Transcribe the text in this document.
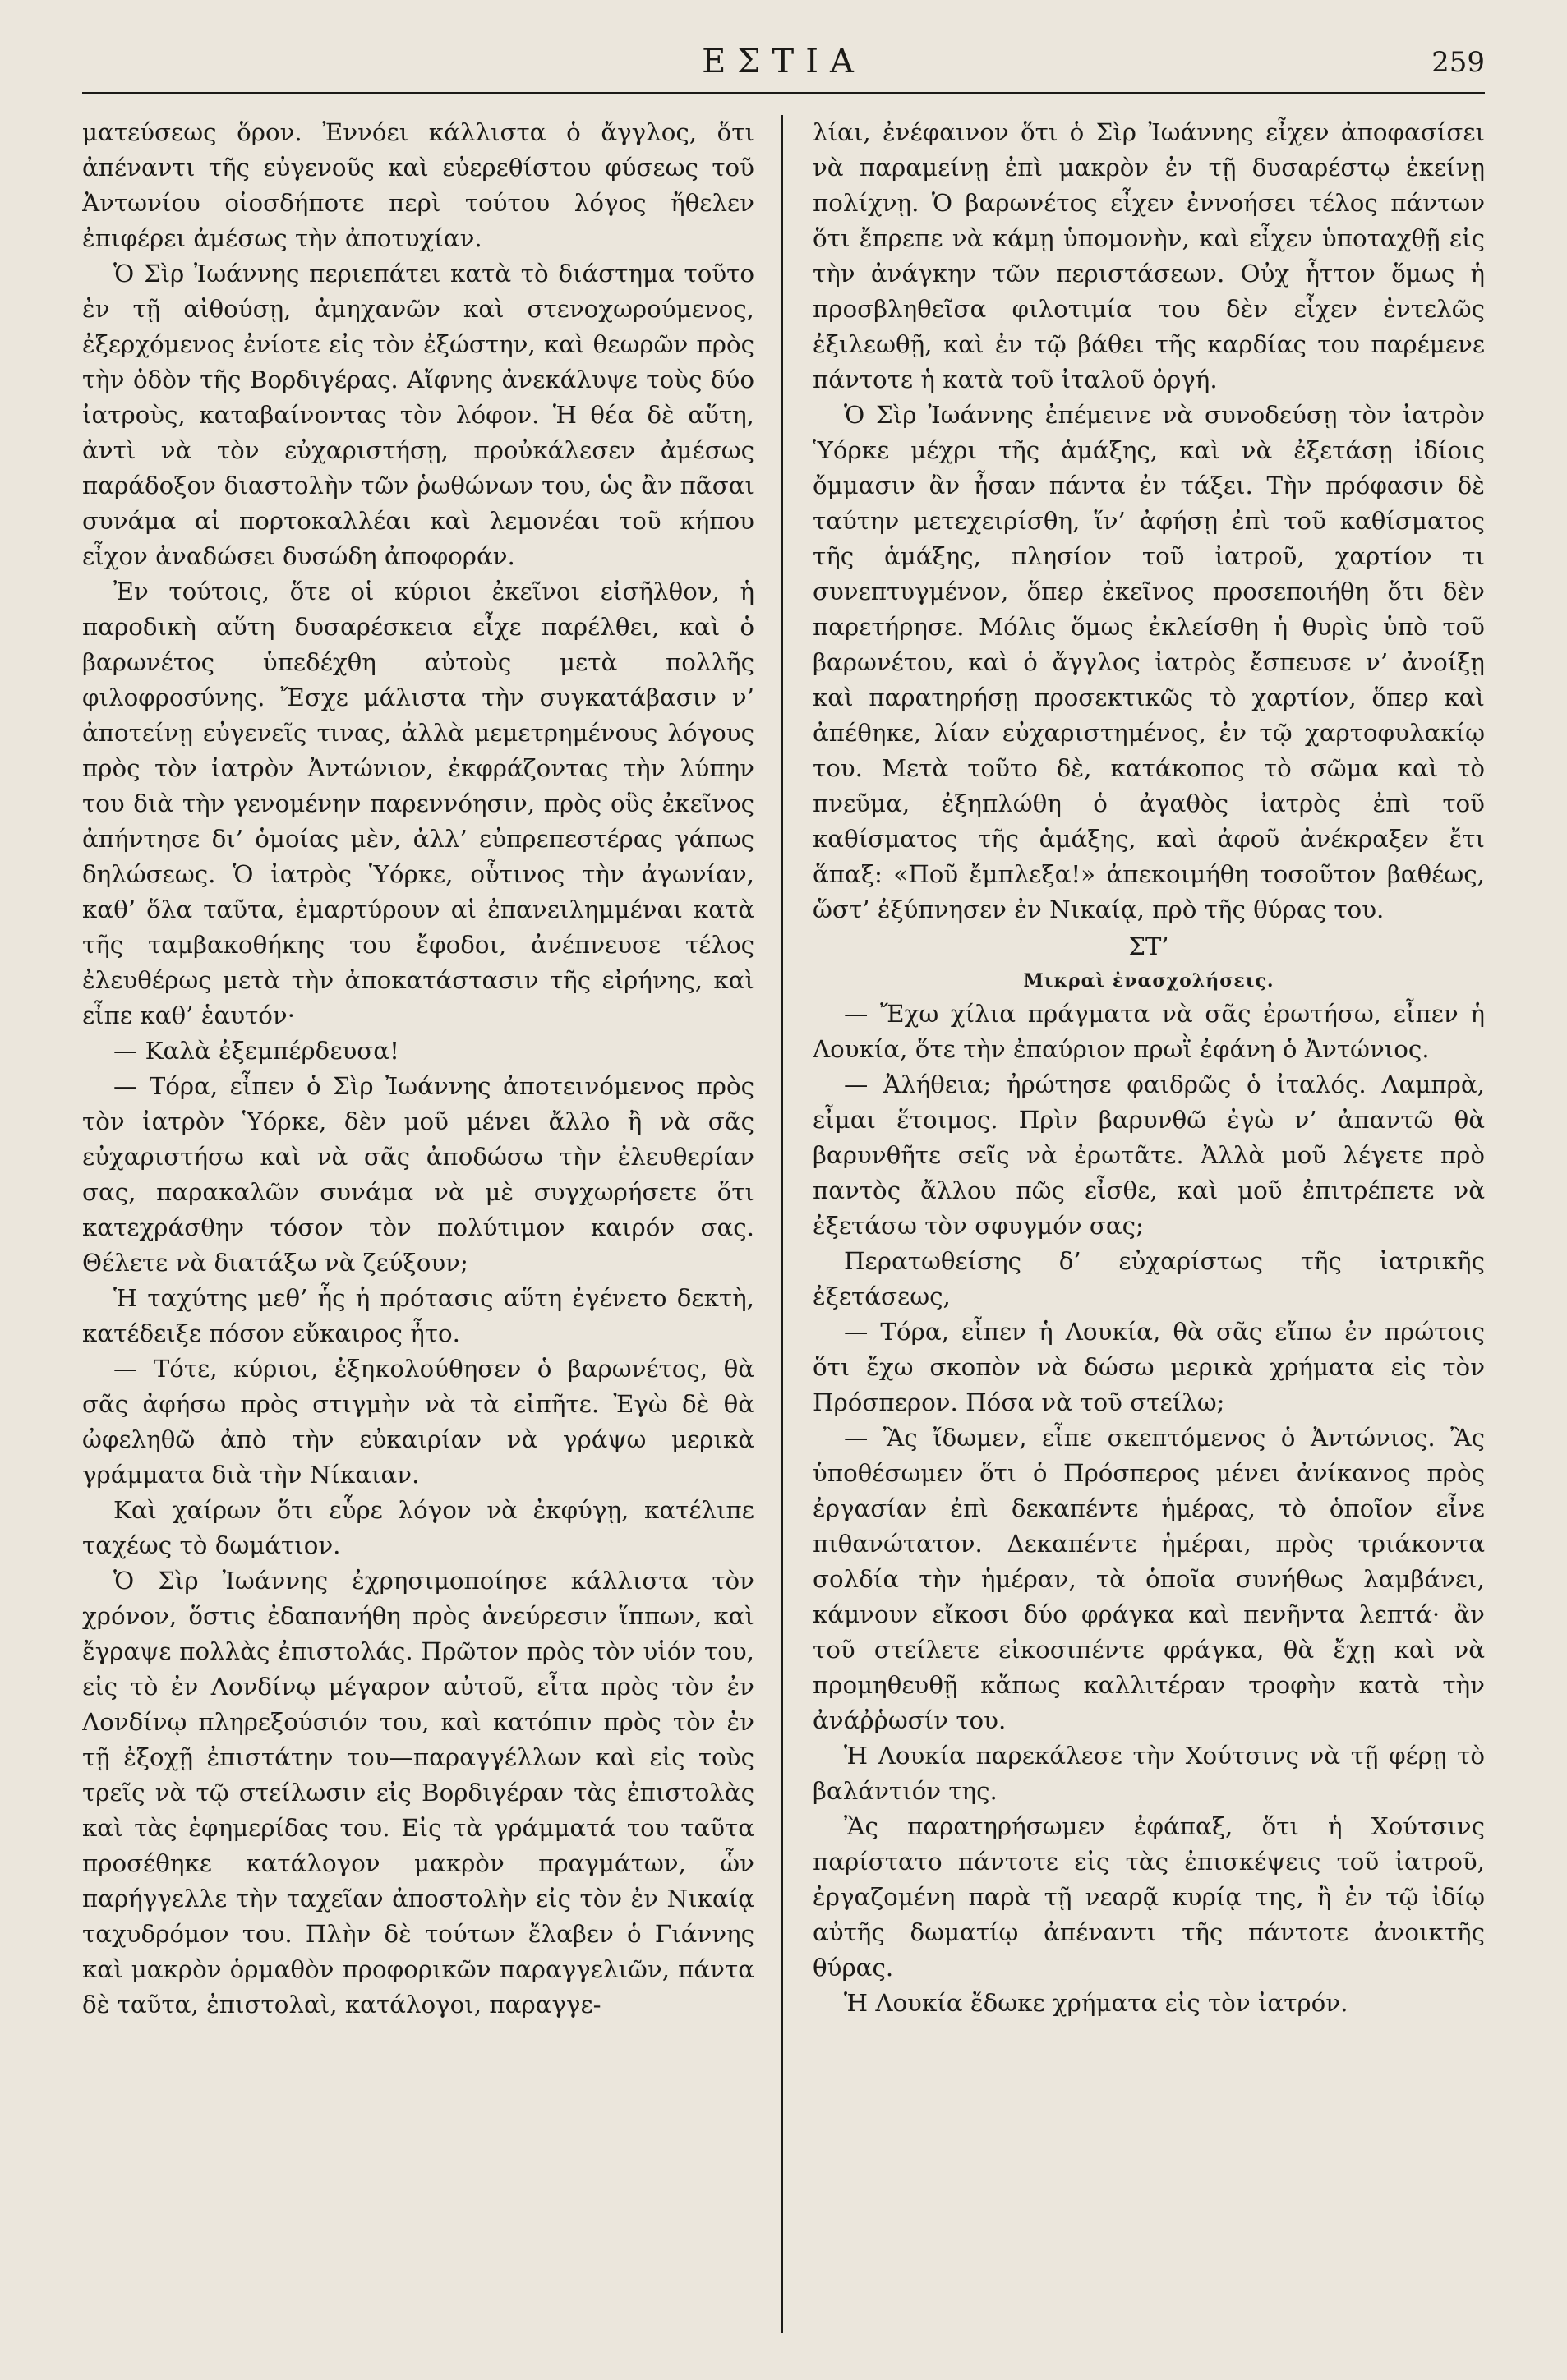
ΕΣΤΙΑ	259

ματεύσεως ὅρον. Ἐννόει κάλλιστα ὁ ἄγγλος, ὅτι ἀπέναντι τῆς εὐγενοῦς καὶ εὐερεθίστου φύσεως τοῦ Ἀντωνίου οἱοσδήποτε περὶ τούτου λόγος ἤθελεν ἐπιφέρει ἀμέσως τὴν ἀποτυχίαν.

Ὁ Σὶρ Ἰωάννης περιεπάτει κατὰ τὸ διάστημα τοῦτο ἐν τῇ αἰθούσῃ, ἀμηχανῶν καὶ στενοχωρούμενος, ἐξερχόμενος ἐνίοτε εἰς τὸν ἐξώστην, καὶ θεωρῶν πρὸς τὴν ὁδὸν τῆς Βορδιγέρας. Αἴφνης ἀνεκάλυψε τοὺς δύο ἰατροὺς, καταβαίνοντας τὸν λόφον. Ἡ θέα δὲ αὕτη, ἀντὶ νὰ τὸν εὐχαριστήσῃ, προὐκάλεσεν ἀμέσως παράδοξον διαστολὴν τῶν ῥωθώνων του, ὡς ἂν πᾶσαι συνάμα αἱ πορτοκαλλέαι καὶ λεμονέαι τοῦ κήπου εἶχον ἀναδώσει δυσώδη ἀποφοράν.

Ἐν τούτοις, ὅτε οἱ κύριοι ἐκεῖνοι εἰσῆλθον, ἡ παροδικὴ αὕτη δυσαρέσκεια εἶχε παρέλθει, καὶ ὁ βαρωνέτος ὑπεδέχθη αὐτοὺς μετὰ πολλῆς φιλοφροσύνης. Ἔσχε μάλιστα τὴν συγκατάβασιν ν’ ἀποτείνῃ εὐγενεῖς τινας, ἀλλὰ μεμετρημένους λόγους πρὸς τὸν ἰατρὸν Ἀντώνιον, ἐκφράζοντας τὴν λύπην του διὰ τὴν γενομένην παρεννόησιν, πρὸς οὓς ἐκεῖνος ἀπήντησε δι’ ὁμοίας μὲν, ἀλλ’ εὐπρεπεστέρας γάπως δηλώσεως. Ὁ ἰατρὸς Ὑόρκε, οὗτινος τὴν ἀγωνίαν, καθ’ ὅλα ταῦτα, ἐμαρτύρουν αἱ ἐπανειλημμέναι κατὰ τῆς ταμβακοθήκης του ἔφοδοι, ἀνέπνευσε τέλος ἐλευθέρως μετὰ τὴν ἀποκατάστασιν τῆς εἰρήνης, καὶ εἶπε καθ’ ἑαυτόν·

— Καλὰ ἐξεμπέρδευσα!

— Τόρα, εἶπεν ὁ Σὶρ Ἰωάννης ἀποτεινόμενος πρὸς τὸν ἰατρὸν Ὑόρκε, δὲν μοῦ μένει ἄλλο ἢ νὰ σᾶς εὐχαριστήσω καὶ νὰ σᾶς ἀποδώσω τὴν ἐλευθερίαν σας, παρακαλῶν συνάμα νὰ μὲ συγχωρήσετε ὅτι κατεχράσθην τόσον τὸν πολύτιμον καιρόν σας. Θέλετε νὰ διατάξω νὰ ζεύξουν;

Ἡ ταχύτης μεθ’ ἧς ἡ πρότασις αὕτη ἐγένετο δεκτὴ, κατέδειξε πόσον εὔκαιρος ἦτο.

— Τότε, κύριοι, ἐξηκολούθησεν ὁ βαρωνέτος, θὰ σᾶς ἀφήσω πρὸς στιγμὴν νὰ τὰ εἰπῆτε. Ἐγὼ δὲ θὰ ὠφεληθῶ ἀπὸ τὴν εὐκαιρίαν νὰ γράψω μερικὰ γράμματα διὰ τὴν Νίκαιαν.

Καὶ χαίρων ὅτι εὗρε λόγον νὰ ἐκφύγῃ, κατέλιπε ταχέως τὸ δωμάτιον.

Ὁ Σὶρ Ἰωάννης ἐχρησιμοποίησε κάλλιστα τὸν χρόνον, ὅστις ἐδαπανήθη πρὸς ἀνεύρεσιν ἵππων, καὶ ἔγραψε πολλὰς ἐπιστολάς. Πρῶτον πρὸς τὸν υἱόν του, εἰς τὸ ἐν Λονδίνῳ μέγαρον αὐτοῦ, εἶτα πρὸς τὸν ἐν Λονδίνῳ πληρεξούσιόν του, καὶ κατόπιν πρὸς τὸν ἐν τῇ ἐξοχῇ ἐπιστάτην του—παραγγέλλων καὶ εἰς τοὺς τρεῖς νὰ τῷ στείλωσιν εἰς Βορδιγέραν τὰς ἐπιστολὰς καὶ τὰς ἐφημερίδας του. Εἰς τὰ γράμματά του ταῦτα προσέθηκε κατάλογον μακρὸν πραγμάτων, ὧν παρήγγελλε τὴν ταχεῖαν ἀποστολὴν εἰς τὸν ἐν Νικαίᾳ ταχυδρόμον του. Πλὴν δὲ τούτων ἔλαβεν ὁ Γιάννης καὶ μακρὸν ὁρμαθὸν προφορικῶν παραγγελιῶν, πάντα δὲ ταῦτα, ἐπιστολαὶ, κατάλογοι, παραγγε-

λίαι, ἐνέφαινον ὅτι ὁ Σὶρ Ἰωάννης εἶχεν ἀποφασίσει νὰ παραμείνῃ ἐπὶ μακρὸν ἐν τῇ δυσαρέστῳ ἐκείνῃ πολίχνῃ. Ὁ βαρωνέτος εἶχεν ἐννοήσει τέλος πάντων ὅτι ἔπρεπε νὰ κάμῃ ὑπομονὴν, καὶ εἶχεν ὑποταχθῇ εἰς τὴν ἀνάγκην τῶν περιστάσεων. Οὐχ ἧττον ὅμως ἡ προσβληθεῖσα φιλοτιμία του δὲν εἶχεν ἐντελῶς ἐξιλεωθῇ, καὶ ἐν τῷ βάθει τῆς καρδίας του παρέμενε πάντοτε ἡ κατὰ τοῦ ἰταλοῦ ὀργή.

Ὁ Σὶρ Ἰωάννης ἐπέμεινε νὰ συνοδεύσῃ τὸν ἰατρὸν Ὑόρκε μέχρι τῆς ἁμάξης, καὶ νὰ ἐξετάσῃ ἰδίοις ὄμμασιν ἂν ἦσαν πάντα ἐν τάξει. Τὴν πρόφασιν δὲ ταύτην μετεχειρίσθη, ἵν’ ἀφήσῃ ἐπὶ τοῦ καθίσματος τῆς ἁμάξης, πλησίον τοῦ ἰατροῦ, χαρτίον τι συνεπτυγμένον, ὅπερ ἐκεῖνος προσεποιήθη ὅτι δὲν παρετήρησε. Μόλις ὅμως ἐκλείσθη ἡ θυρὶς ὑπὸ τοῦ βαρωνέτου, καὶ ὁ ἄγγλος ἰατρὸς ἔσπευσε ν’ ἀνοίξῃ καὶ παρατηρήσῃ προσεκτικῶς τὸ χαρτίον, ὅπερ καὶ ἀπέθηκε, λίαν εὐχαριστημένος, ἐν τῷ χαρτοφυλακίῳ του. Μετὰ τοῦτο δὲ, κατάκοπος τὸ σῶμα καὶ τὸ πνεῦμα, ἐξηπλώθη ὁ ἀγαθὸς ἰατρὸς ἐπὶ τοῦ καθίσματος τῆς ἁμάξης, καὶ ἀφοῦ ἀνέκραξεν ἔτι ἅπαξ: «Ποῦ ἔμπλεξα!» ἀπεκοιμήθη τοσοῦτον βαθέως, ὥστ’ ἐξύπνησεν ἐν Νικαίᾳ, πρὸ τῆς θύρας του.

ΣΤ’

Μικραὶ ἐνασχολήσεις.

— Ἔχω χίλια πράγματα νὰ σᾶς ἐρωτήσω, εἶπεν ἡ Λουκία, ὅτε τὴν ἐπαύριον πρωῒ ἐφάνη ὁ Ἀντώνιος.

— Ἀλήθεια; ἠρώτησε φαιδρῶς ὁ ἰταλός. Λαμπρὰ, εἶμαι ἕτοιμος. Πρὶν βαρυνθῶ ἐγὼ ν’ ἀπαντῶ θὰ βαρυνθῆτε σεῖς νὰ ἐρωτᾶτε. Ἀλλὰ μοῦ λέγετε πρὸ παντὸς ἄλλου πῶς εἶσθε, καὶ μοῦ ἐπιτρέπετε νὰ ἐξετάσω τὸν σφυγμόν σας;

Περατωθείσης δ’ εὐχαρίστως τῆς ἰατρικῆς ἐξετάσεως,

— Τόρα, εἶπεν ἡ Λουκία, θὰ σᾶς εἴπω ἐν πρώτοις ὅτι ἔχω σκοπὸν νὰ δώσω μερικὰ χρήματα εἰς τὸν Πρόσπερον. Πόσα νὰ τοῦ στείλω;

— Ἂς ἴδωμεν, εἶπε σκεπτόμενος ὁ Ἀντώνιος. Ἂς ὑποθέσωμεν ὅτι ὁ Πρόσπερος μένει ἀνίκανος πρὸς ἐργασίαν ἐπὶ δεκαπέντε ἡμέρας, τὸ ὁποῖον εἶνε πιθανώτατον. Δεκαπέντε ἡμέραι, πρὸς τριάκοντα σολδία τὴν ἡμέραν, τὰ ὁποῖα συνήθως λαμβάνει, κάμνουν εἴκοσι δύο φράγκα καὶ πενῆντα λεπτά· ἂν τοῦ στείλετε εἰκοσιπέντε φράγκα, θὰ ἔχῃ καὶ νὰ προμηθευθῇ κἄπως καλλιτέραν τροφὴν κατὰ τὴν ἀνάῤῥωσίν του.

Ἡ Λουκία παρεκάλεσε τὴν Χούτσινς νὰ τῇ φέρῃ τὸ βαλάντιόν της.

Ἂς παρατηρήσωμεν ἐφάπαξ, ὅτι ἡ Χούτσινς παρίστατο πάντοτε εἰς τὰς ἐπισκέψεις τοῦ ἰατροῦ, ἐργαζομένη παρὰ τῇ νεαρᾷ κυρίᾳ της, ἢ ἐν τῷ ἰδίῳ αὐτῆς δωματίῳ ἀπέναντι τῆς πάντοτε ἀνοικτῆς θύρας.

Ἡ Λουκία ἔδωκε χρήματα εἰς τὸν ἰατρόν.
